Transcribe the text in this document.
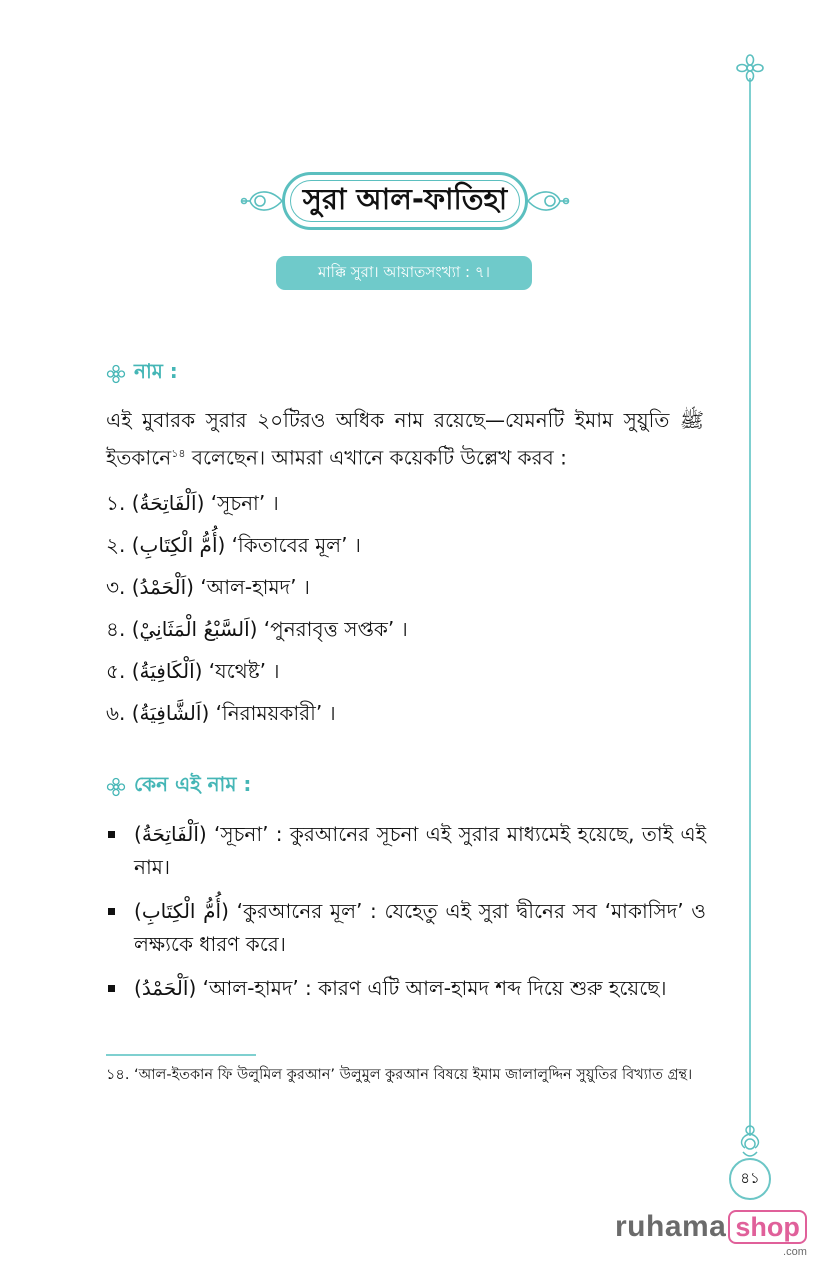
৪১
সুরা আল-ফাতিহা
মাক্কি সুরা। আয়াতসংখ্যা : ৭।
নাম :
এই মুবারক সুরার ২০টিরও অধিক নাম রয়েছে—যেমনটি ইমাম সুয়ুতি ﷺ ইতকানে$^{১৪}$ বলেছেন। আমরা এখানে কয়েকটি উল্লেখ করব :
১. (اَلْفَاتِحَةُ) ‘সূচনা’ ।
২. (أُمُّ الْكِتَابِ) ‘কিতাবের মূল’ ।
৩. (اَلْحَمْدُ) ‘আল-হামদ’ ।
৪. (اَلسَّبْعُ الْمَثَانِيْ) ‘পুনরাবৃত্ত সপ্তক’ ।
৫. (اَلْكَافِيَةُ) ‘যথেষ্ট’ ।
৬. (اَلشَّافِيَةُ) ‘নিরাময়কারী’ ।
কেন এই নাম :
(اَلْفَاتِحَةُ) ‘সূচনা’ : কুরআনের সূচনা এই সুরার মাধ্যমেই হয়েছে, তাই এই নাম।
(أُمُّ الْكِتَابِ) ‘কুরআনের মূল’ : যেহেতু এই সুরা দ্বীনের সব ‘মাকাসিদ’ ও লক্ষ্যকে ধারণ করে।
(اَلْحَمْدُ) ‘আল-হামদ’ : কারণ এটি আল-হামদ শব্দ দিয়ে শুরু হয়েছে।
১৪. ‘আল-ইতকান ফি উলুমিল কুরআন’ উলুমুল কুরআন বিষয়ে ইমাম জালালুদ্দিন সুয়ুতির বিখ্যাত গ্রন্থ।
ruhama shop
.com
